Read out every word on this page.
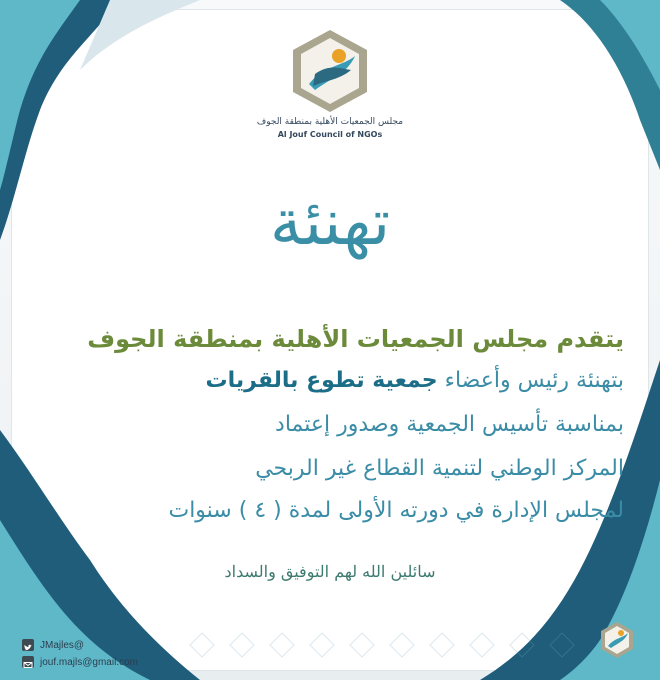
مجلس الجمعيات الأهلية بمنطقة الجوف
Al Jouf Council of NGOs
تهنئة
يتقدم مجلس الجمعيات الأهلية بمنطقة الجوف
بتهنئة رئيس وأعضاء جمعية تطوع بالقريات
بمناسبة تأسيس الجمعية وصدور إعتماد
المركز الوطني لتنمية القطاع غير الربحي
لمجلس الإدارة في دورته الأولى لمدة ( ٤ ) سنوات
سائلين الله لهم التوفيق والسداد
JMajles@
jouf.majls@gmail.com
